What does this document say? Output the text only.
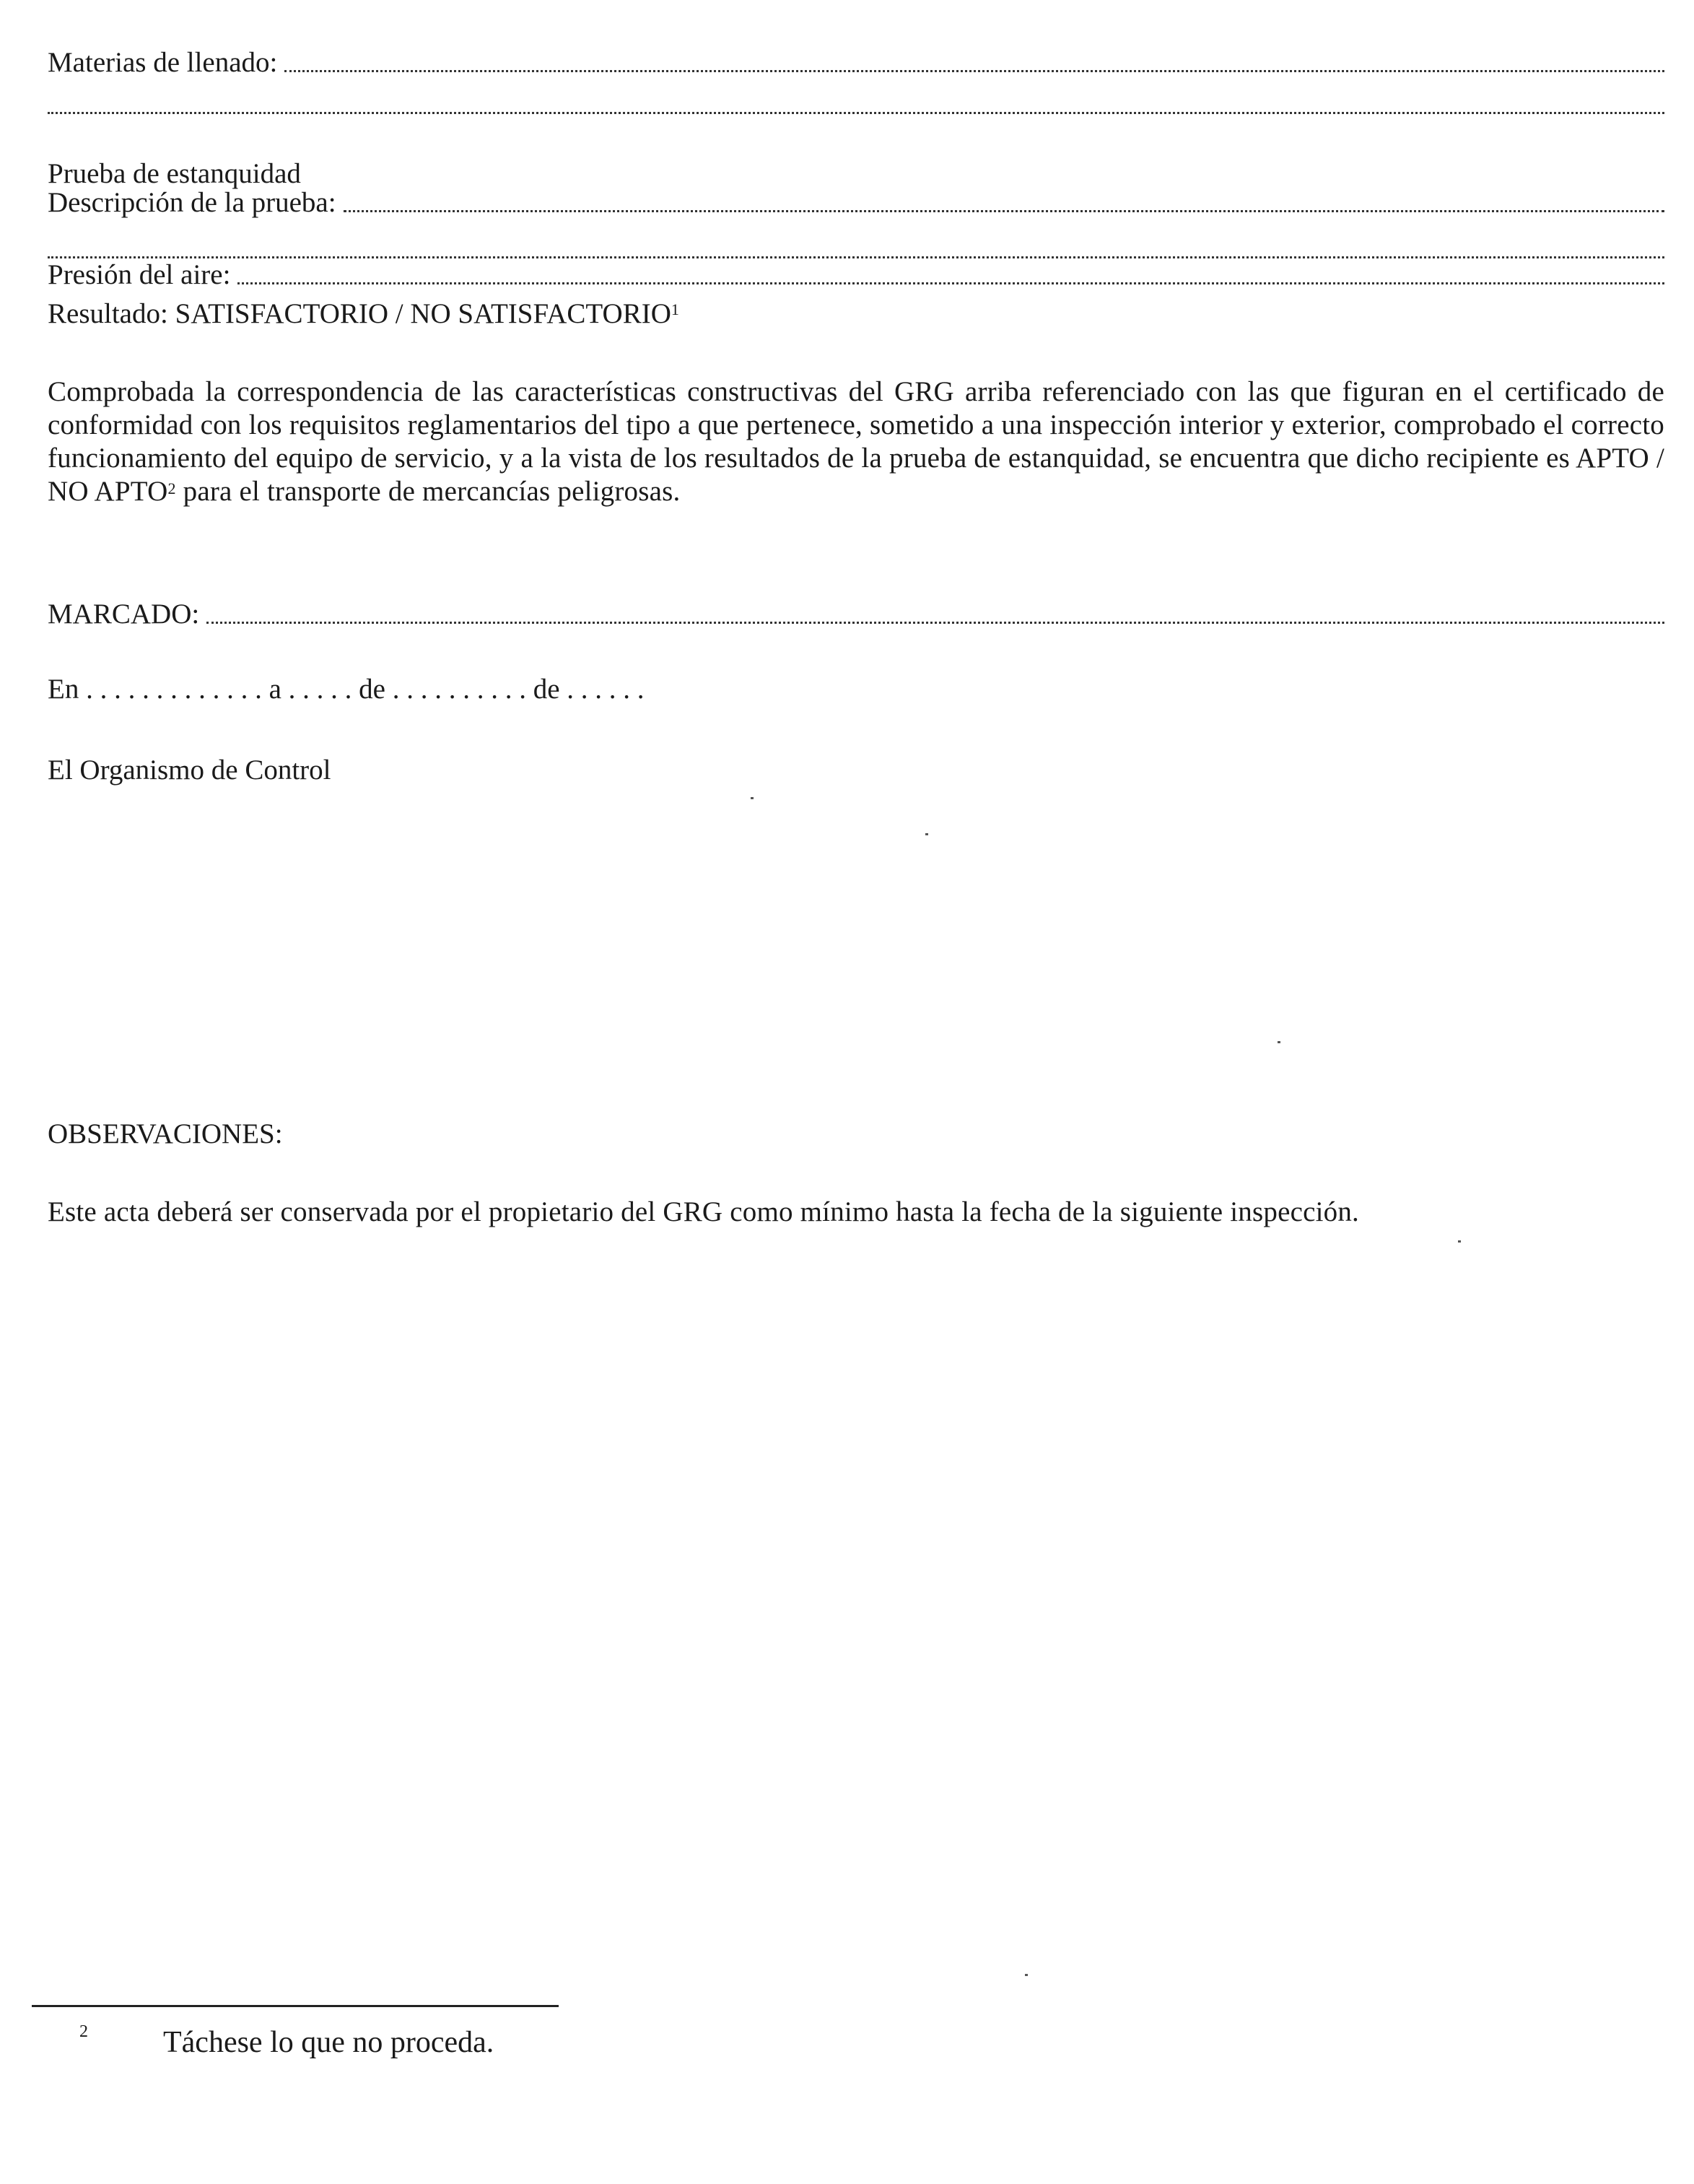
Materias de llenado:
Prueba de estanquidad
Descripción de la prueba:
Presión del aire:
Resultado: SATISFACTORIO / NO SATISFACTORIO$^1$
Comprobada la correspondencia de las características constructivas del GRG arriba referenciado con las que figuran en el certificado de conformidad con los requisitos reglamentarios del tipo a que pertenece, sometido a una inspección interior y exterior, comprobado el correcto funcionamiento del equipo de servicio, y a la vista de los resultados de la prueba de estanquidad, se encuentra que dicho recipiente es APTO / NO APTO$^2$ para el transporte de mercancías peligrosas.
MARCADO:
En . . . . . . . . . . . . . a . . . . . de . . . . . . . . . . de . . . . . .
El Organismo de Control
OBSERVACIONES:
Este acta deberá ser conservada por el propietario del GRG como mínimo hasta la fecha de la siguiente inspección.
2 Táchese lo que no proceda.
